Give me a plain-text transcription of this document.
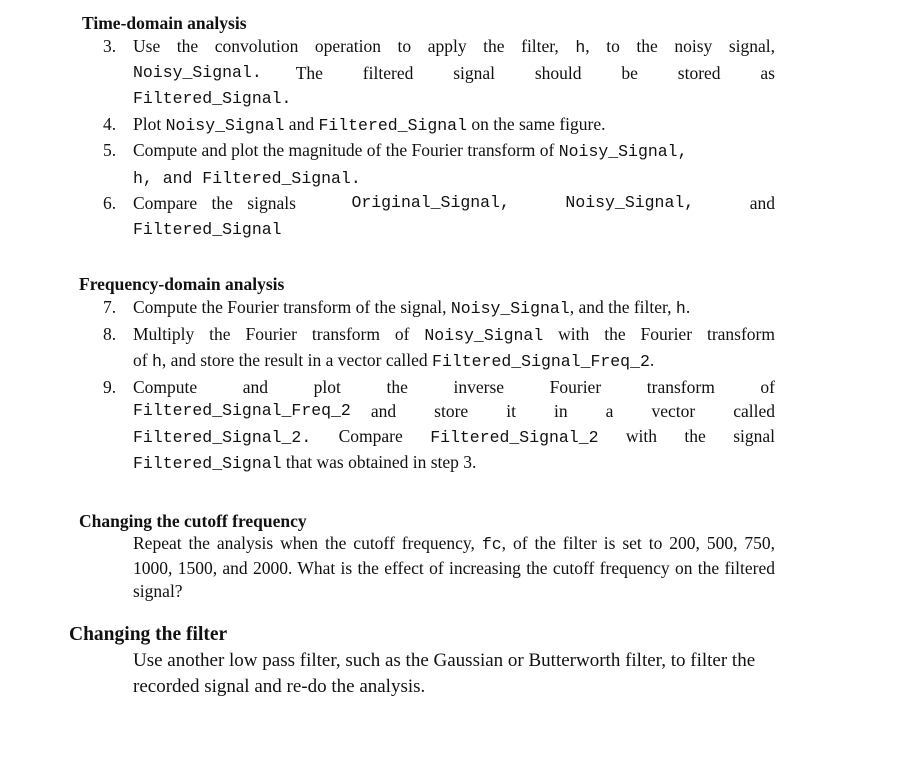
Time-domain analysis
3. Use the convolution operation to apply the filter, h, to the noisy signal,
Noisy_Signal. The filtered signal should be stored as
Filtered_Signal.
4. Plot Noisy_Signal and Filtered_Signal on the same figure.
5. Compute and plot the magnitude of the Fourier transform of Noisy_Signal,
h, and Filtered_Signal.
6. Compare the signals	Original_Signal,	Noisy_Signal,	and
Filtered_Signal
Frequency-domain analysis
7. Compute the Fourier transform of the signal, Noisy_Signal, and the filter, h.
8. Multiply the Fourier transform of Noisy_Signal with the Fourier transform
of h, and store the result in a vector called Filtered_Signal_Freq_2.
9. Compute and plot the inverse Fourier transform of
Filtered_Signal_Freq_2 and store it in a vector called
Filtered_Signal_2. Compare Filtered_Signal_2 with the signal
Filtered_Signal that was obtained in step 3.
Changing the cutoff frequency

Repeat the analysis when the cutoff frequency, fc, of the filter is set to 200, 500, 750, 1000, 1500, and 2000. What is the effect of increasing the cutoff frequency on the filtered signal?

Changing the filter

Use another low pass filter, such as the Gaussian or Butterworth filter, to filter the recorded signal and re-do the analysis.
